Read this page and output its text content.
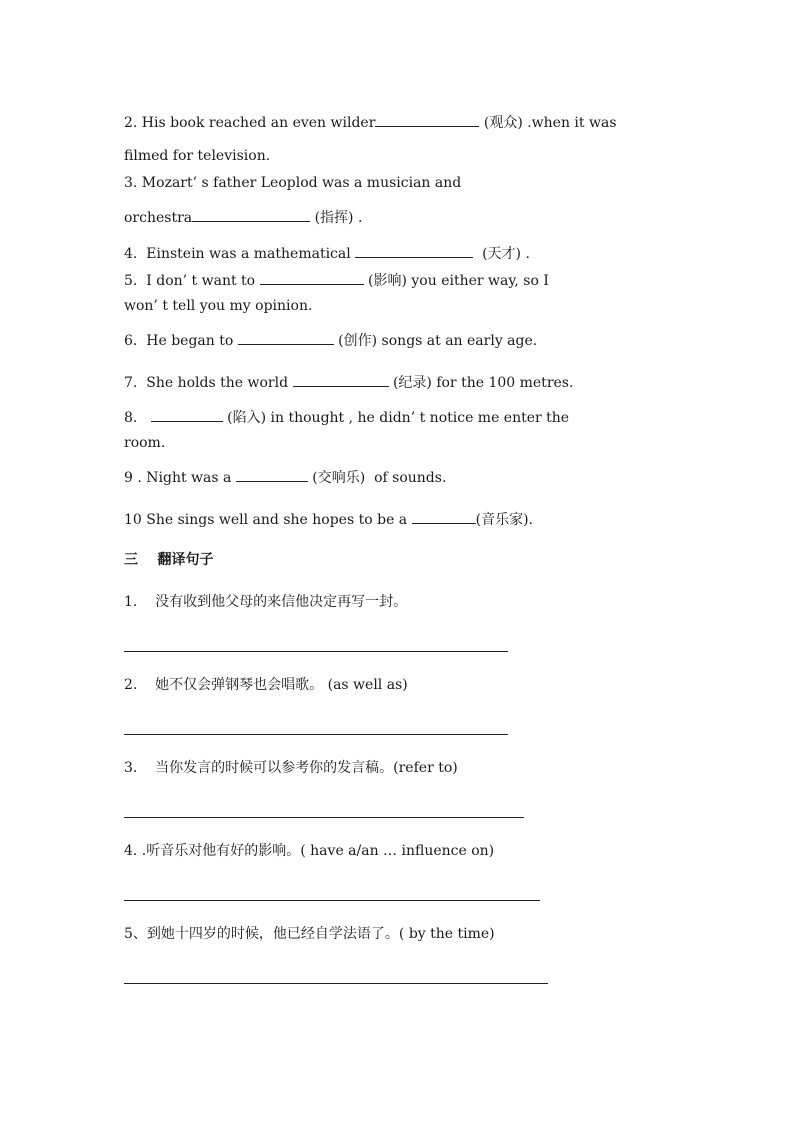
2. His book reached an even wilder	(观众) .when it was
filmed for television.
3. Mozart’ s father Leoplod was a musician and
orchestra	(指挥) .
4.  Einstein was a mathematical	(天才) .
5.  I don’ t want to	(影响) you either way, so I
won’ t tell you my opinion.
6.  He began to	(创作) songs at an early age.
7.  She holds the world	(纪录) for the 100 metres.
8.	(陷入) in thought , he didn’ t notice me enter the
room.
9 . Night was a	(交响乐)  of sounds.
10 She sings well and she hopes to be a	(音乐家).
三    翻译句子
1.    没有收到他父母的来信他决定再写一封。
2.    她不仅会弹钢琴也会唱歌。 (as well as)
3.    当你发言的时候可以参考你的发言稿。(refer to)
4. .听音乐对他有好的影响。( have a/an … influence on)
5、到她十四岁的时候，他已经自学法语了。( by the time)
